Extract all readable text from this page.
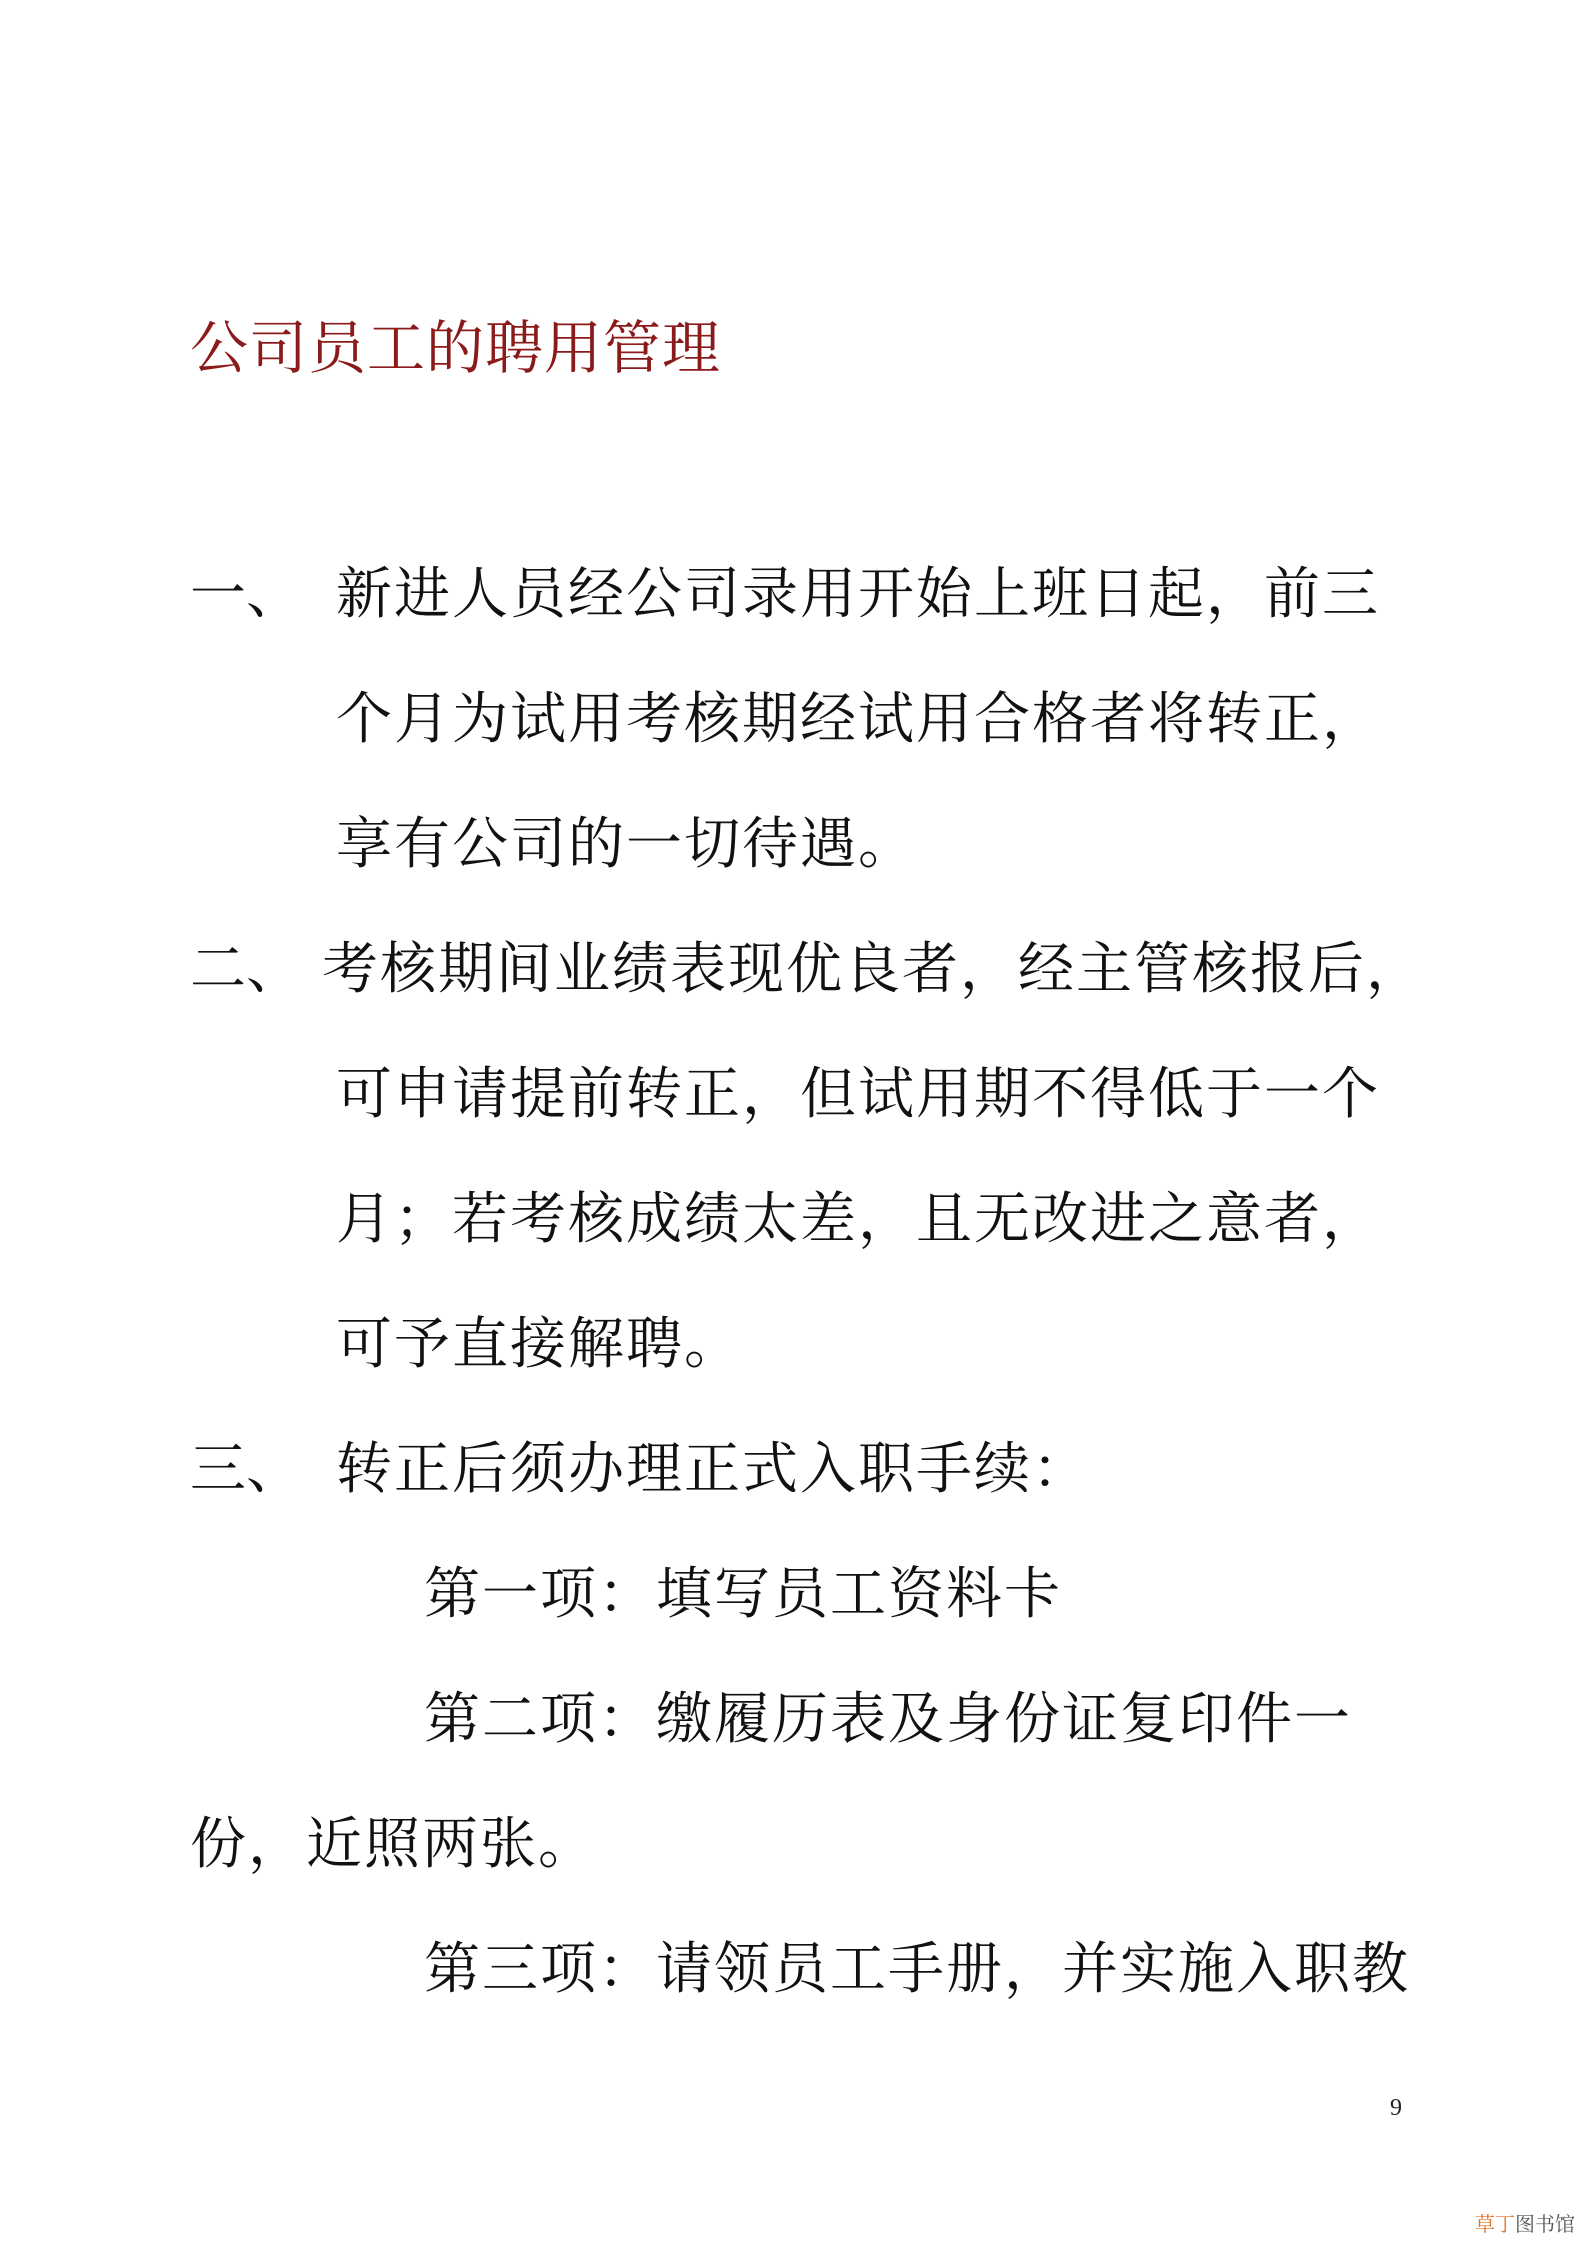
公司员工的聘用管理
一、 新进人员经公司录用开始上班日起，前三
个月为试用考核期经试用合格者将转正，
享有公司的一切待遇。
二、 考核期间业绩表现优良者，经主管核报后，
可申请提前转正，但试用期不得低于一个
月；若考核成绩太差，且无改进之意者，
可予直接解聘。
三、 转正后须办理正式入职手续：
第一项：填写员工资料卡
第二项：缴履历表及身份证复印件一
份，近照两张。
第三项：请领员工手册，并实施入职教
9
草丁图书馆
